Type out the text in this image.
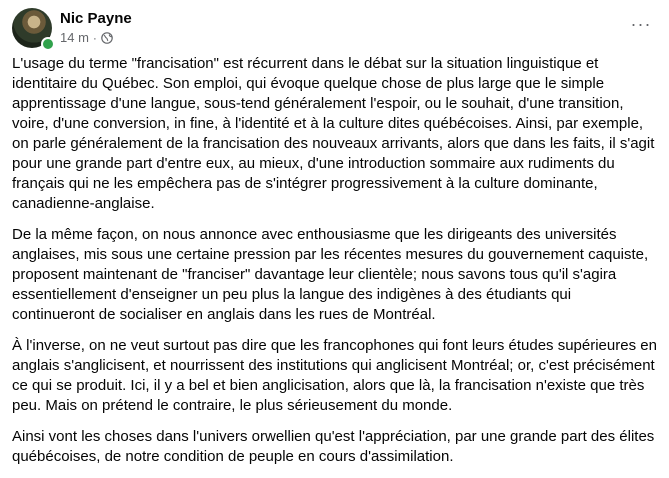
Nic Payne
14 m ·
···

L'usage du terme "francisation" est récurrent dans le débat sur la situation linguistique et identitaire du Québec. Son emploi, qui évoque quelque chose de plus large que le simple apprentissage d'une langue, sous-tend généralement l'espoir, ou le souhait, d'une transition, voire, d'une conversion, in fine, à l'identité et à la culture dites québécoises. Ainsi, par exemple, on parle généralement de la francisation des nouveaux arrivants, alors que dans les faits, il s'agit pour une grande part d'entre eux, au mieux, d'une introduction sommaire aux rudiments du français qui ne les empêchera pas de s'intégrer progressivement à la culture dominante, canadienne-anglaise.

De la même façon, on nous annonce avec enthousiasme que les dirigeants des universités anglaises, mis sous une certaine pression par les récentes mesures du gouvernement caquiste, proposent maintenant de "franciser" davantage leur clientèle; nous savons tous qu'il s'agira essentiellement d'enseigner un peu plus la langue des indigènes à des étudiants qui continueront de socialiser en anglais dans les rues de Montréal.

À l'inverse, on ne veut surtout pas dire que les francophones qui font leurs études supérieures en anglais s'anglicisent, et nourrissent des institutions qui anglicisent Montréal; or, c'est précisément ce qui se produit. Ici, il y a bel et bien anglicisation, alors que là, la francisation n'existe que très peu. Mais on prétend le contraire, le plus sérieusement du monde.

Ainsi vont les choses dans l'univers orwellien qu'est l'appréciation, par une grande part des élites québécoises, de notre condition de peuple en cours d'assimilation.
